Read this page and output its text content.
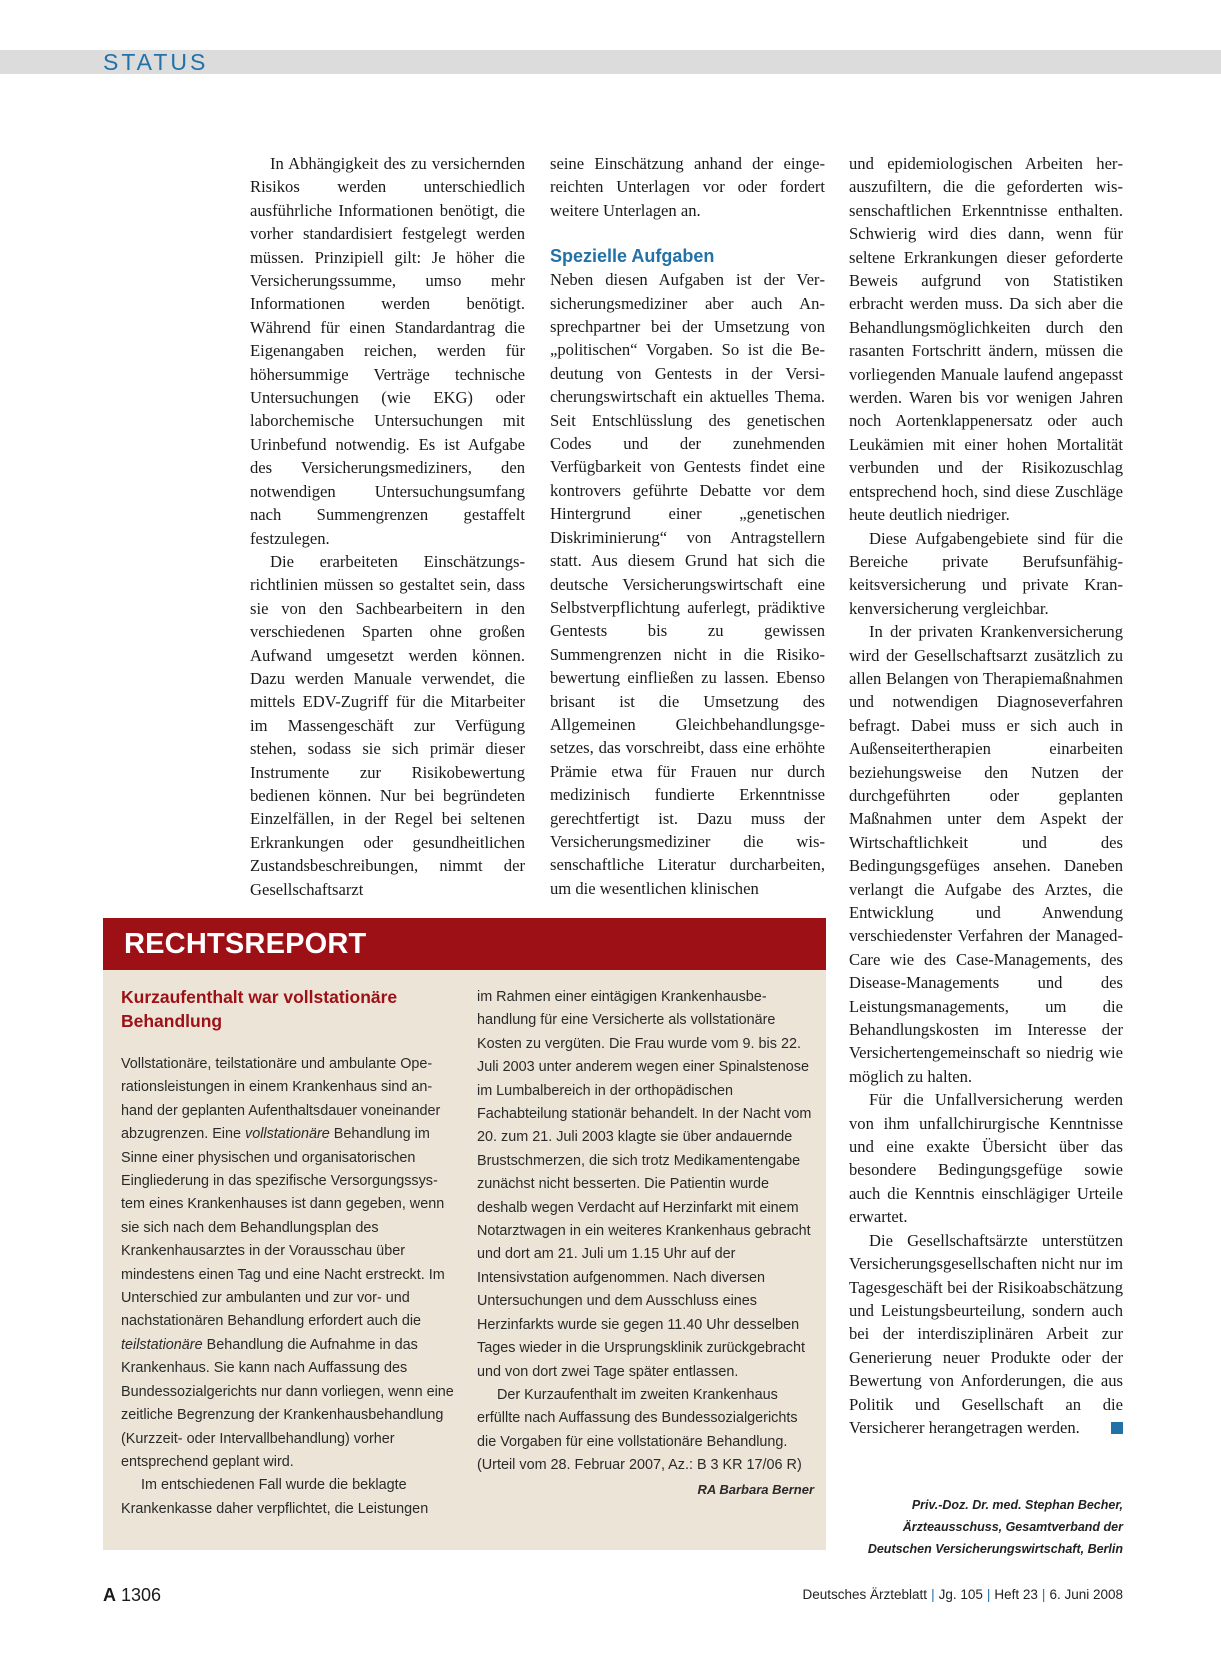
STATUS

In Abhängigkeit des zu versichernden Risikos werden unterschiedlich ausführliche Informationen benötigt, die vorher standardisiert festgelegt werden müssen. Prinzipiell gilt: Je höher die Versicherungssumme, umso mehr Informationen werden benötigt. Während für einen Standardantrag die Eigenangaben reichen, werden für höhersummige Verträge technische Untersuchungen (wie EKG) oder laborchemische Untersuchungen mit Urinbefund notwendig. Es ist Aufgabe des Versicherungsmediziners, den notwendigen Untersuchungsumfang nach Summengrenzen gestaffelt festzulegen.

Die erarbeiteten Einschätzungsrichtlinien müssen so gestaltet sein, dass sie von den Sachbearbeitern in den verschiedenen Sparten ohne großen Aufwand umgesetzt werden können. Dazu werden Manuale verwendet, die mittels EDV-Zugriff für die Mitarbeiter im Massengeschäft zur Verfügung stehen, sodass sie sich primär dieser Instrumente zur Risikobewertung bedienen können. Nur bei begründeten Einzelfällen, in der Regel bei seltenen Erkrankungen oder gesundheitlichen Zustandsbeschreibungen, nimmt der Gesellschaftsarzt

seine Einschätzung anhand der eingereichten Unterlagen vor oder fordert weitere Unterlagen an.

Spezielle Aufgaben

Neben diesen Aufgaben ist der Versicherungsmediziner aber auch Ansprechpartner bei der Umsetzung von „politischen“ Vorgaben. So ist die Bedeutung von Gentests in der Versicherungswirtschaft ein aktuelles Thema. Seit Entschlüsslung des genetischen Codes und der zunehmenden Verfügbarkeit von Gentests findet eine kontrovers geführte Debatte vor dem Hintergrund einer „genetischen Diskriminierung“ von Antragstellern statt. Aus diesem Grund hat sich die deutsche Versicherungswirtschaft eine Selbstverpflichtung auferlegt, prädiktive Gentests bis zu gewissen Summengrenzen nicht in die Risikobewertung einfließen zu lassen. Ebenso brisant ist die Umsetzung des Allgemeinen Gleichbehandlungsgesetzes, das vorschreibt, dass eine erhöhte Prämie etwa für Frauen nur durch medizinisch fundierte Erkenntnisse gerechtfertigt ist. Dazu muss der Versicherungsmediziner die wissenschaftliche Literatur durcharbeiten, um die wesentlichen klinischen

und epidemiologischen Arbeiten herauszufiltern, die die geforderten wissenschaftlichen Erkenntnisse enthalten. Schwierig wird dies dann, wenn für seltene Erkrankungen dieser geforderte Beweis aufgrund von Statistiken erbracht werden muss. Da sich aber die Behandlungsmöglichkeiten durch den rasanten Fortschritt ändern, müssen die vorliegenden Manuale laufend angepasst werden. Waren bis vor wenigen Jahren noch Aortenklappenersatz oder auch Leukämien mit einer hohen Mortalität verbunden und der Risikozuschlag entsprechend hoch, sind diese Zuschläge heute deutlich niedriger.

Diese Aufgabengebiete sind für die Bereiche private Berufsunfähigkeitsversicherung und private Krankenversicherung vergleichbar.

In der privaten Krankenversicherung wird der Gesellschaftsarzt zusätzlich zu allen Belangen von Therapiemaßnahmen und notwendigen Diagnoseverfahren befragt. Dabei muss er sich auch in Außenseitertherapien einarbeiten beziehungsweise den Nutzen der durchgeführten oder geplanten Maßnahmen unter dem Aspekt der Wirtschaftlichkeit und des Bedingungsgefüges ansehen. Daneben verlangt die Aufgabe des Arztes, die Entwicklung und Anwendung verschiedenster Verfahren der Managed-Care wie des Case-Managements, des Disease-Managements und des Leistungsmanagements, um die Behandlungskosten im Interesse der Versichertengemeinschaft so niedrig wie möglich zu halten.

Für die Unfallversicherung werden von ihm unfallchirurgische Kenntnisse und eine exakte Übersicht über das besondere Bedingungsgefüge sowie auch die Kenntnis einschlägiger Urteile erwartet.

Die Gesellschaftsärzte unterstützen Versicherungsgesellschaften nicht nur im Tagesgeschäft bei der Risikoabschätzung und Leistungsbeurteilung, sondern auch bei der interdisziplinären Arbeit zur Generierung neuer Produkte oder der Bewertung von Anforderungen, die aus Politik und Gesellschaft an die Versicherer herangetragen werden.

Priv.-Doz. Dr. med. Stephan Becher,
Ärzteausschuss, Gesamtverband der
Deutschen Versicherungswirtschaft, Berlin
RECHTSREPORT
Kurzaufenthalt war vollstationäre Behandlung

Vollstationäre, teilstationäre und ambulante Operationsleistungen in einem Krankenhaus sind anhand der geplanten Aufenthaltsdauer voneinander abzugrenzen. Eine vollstationäre Behandlung im Sinne einer physischen und organisatorischen Eingliederung in das spezifische Versorgungssystem eines Krankenhauses ist dann gegeben, wenn sie sich nach dem Behandlungsplan des Krankenhausarztes in der Vorausschau über mindestens einen Tag und eine Nacht erstreckt. Im Unterschied zur ambulanten und zur vor- und nachstationären Behandlung erfordert auch die teilstationäre Behandlung die Aufnahme in das Krankenhaus. Sie kann nach Auffassung des Bundessozialgerichts nur dann vorliegen, wenn eine zeitliche Begrenzung der Krankenhausbehandlung (Kurzzeit- oder Intervallbehandlung) vorher entsprechend geplant wird.

Im entschiedenen Fall wurde die beklagte Krankenkasse daher verpflichtet, die Leistungen

im Rahmen einer eintägigen Krankenhausbehandlung für eine Versicherte als vollstationäre Kosten zu vergüten. Die Frau wurde vom 9. bis 22. Juli 2003 unter anderem wegen einer Spinalstenose im Lumbalbereich in der orthopädischen Fachabteilung stationär behandelt. In der Nacht vom 20. zum 21. Juli 2003 klagte sie über andauernde Brustschmerzen, die sich trotz Medikamentengabe zunächst nicht besserten. Die Patientin wurde deshalb wegen Verdacht auf Herzinfarkt mit einem Notarztwagen in ein weiteres Krankenhaus gebracht und dort am 21. Juli um 1.15 Uhr auf der Intensivstation aufgenommen. Nach diversen Untersuchungen und dem Ausschluss eines Herzinfarkts wurde sie gegen 11.40 Uhr desselben Tages wieder in die Ursprungsklinik zurückgebracht und von dort zwei Tage später entlassen.

Der Kurzaufenthalt im zweiten Krankenhaus erfüllte nach Auffassung des Bundessozialgerichts die Vorgaben für eine vollstationäre Behandlung. (Urteil vom 28. Februar 2007, Az.: B 3 KR 17/06 R)
RA Barbara Berner

A 1306	Deutsches Ärzteblatt | Jg. 105 | Heft 23 | 6. Juni 2008
